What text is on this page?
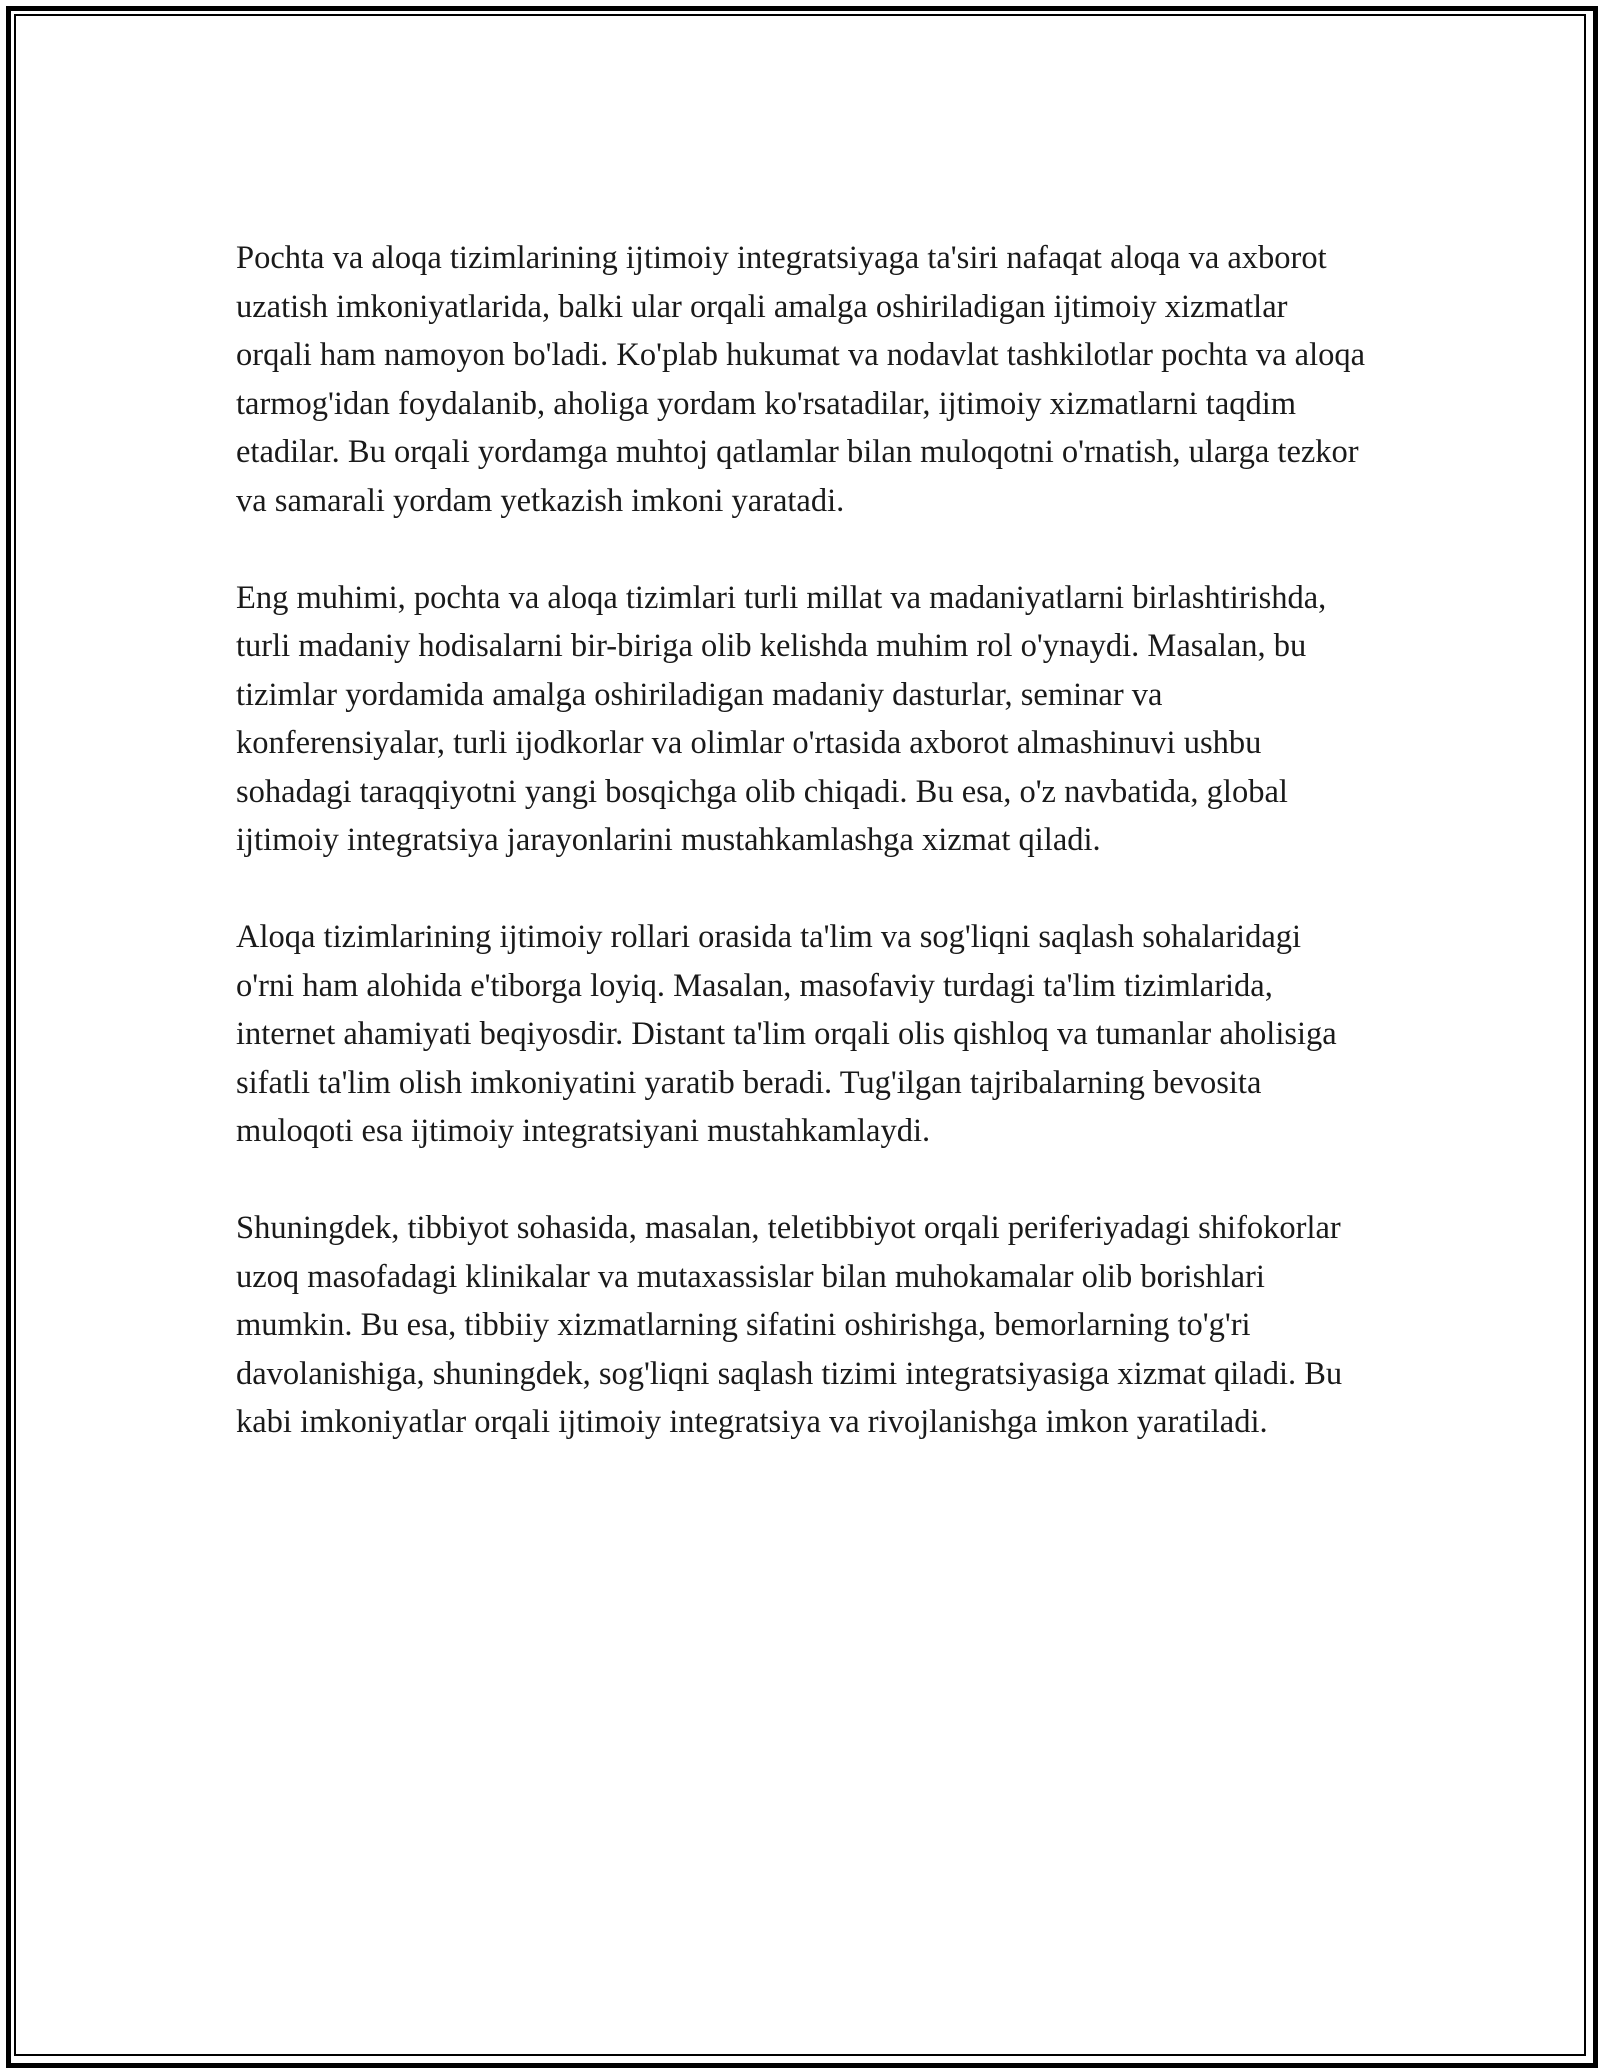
Pochta va aloqa tizimlarining ijtimoiy integratsiyaga ta'siri nafaqat aloqa va axborot uzatish imkoniyatlarida, balki ular orqali amalga oshiriladigan ijtimoiy xizmatlar orqali ham namoyon bo'ladi. Ko'plab hukumat va nodavlat tashkilotlar pochta va aloqa tarmog'idan foydalanib, aholiga yordam ko'rsatadilar, ijtimoiy xizmatlarni taqdim etadilar. Bu orqali yordamga muhtoj qatlamlar bilan muloqotni o'rnatish, ularga tezkor va samarali yordam yetkazish imkoni yaratadi.

Eng muhimi, pochta va aloqa tizimlari turli millat va madaniyatlarni birlashtirishda, turli madaniy hodisalarni bir-biriga olib kelishda muhim rol o'ynaydi. Masalan, bu tizimlar yordamida amalga oshiriladigan madaniy dasturlar, seminar va konferensiyalar, turli ijodkorlar va olimlar o'rtasida axborot almashinuvi ushbu sohadagi taraqqiyotni yangi bosqichga olib chiqadi. Bu esa, o'z navbatida, global ijtimoiy integratsiya jarayonlarini mustahkamlashga xizmat qiladi.

Aloqa tizimlarining ijtimoiy rollari orasida ta'lim va sog'liqni saqlash sohalaridagi o'rni ham alohida e'tiborga loyiq. Masalan, masofaviy turdagi ta'lim tizimlarida, internet ahamiyati beqiyosdir. Distant ta'lim orqali olis qishloq va tumanlar aholisiga sifatli ta'lim olish imkoniyatini yaratib beradi. Tug'ilgan tajribalarning bevosita muloqoti esa ijtimoiy integratsiyani mustahkamlaydi.

Shuningdek, tibbiyot sohasida, masalan, teletibbiyot orqali periferiyadagi shifokorlar uzoq masofadagi klinikalar va mutaxassislar bilan muhokamalar olib borishlari mumkin. Bu esa, tibbiiy xizmatlarning sifatini oshirishga, bemorlarning to'g'ri davolanishiga, shuningdek, sog'liqni saqlash tizimi integratsiyasiga xizmat qiladi. Bu kabi imkoniyatlar orqali ijtimoiy integratsiya va rivojlanishga imkon yaratiladi.
